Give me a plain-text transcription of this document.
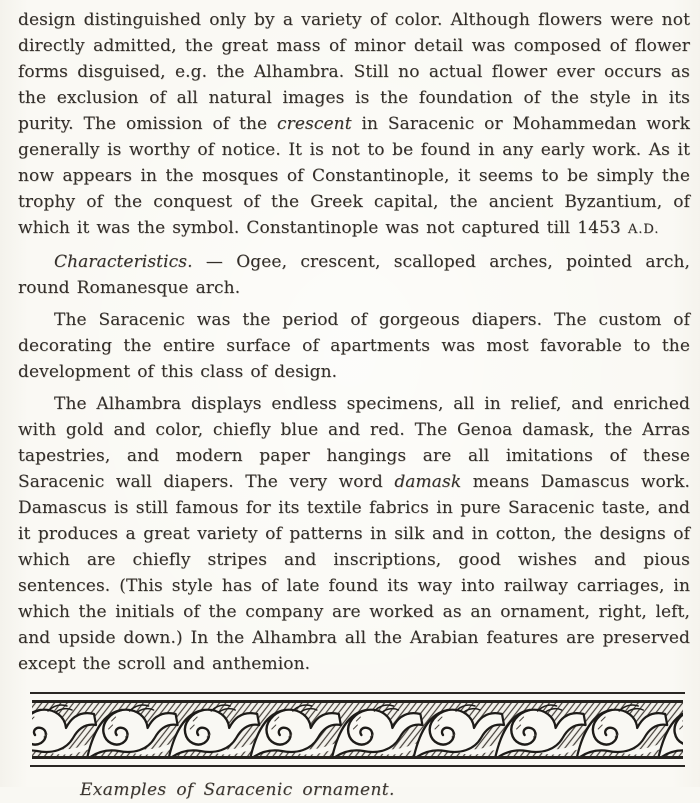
design distinguished only by a variety of color. Although flowers were not directly admitted, the great mass of minor detail was composed of flower forms disguised, e.g. the Alhambra. Still no actual flower ever occurs as the exclusion of all natural images is the foundation of the style in its purity. The omission of the crescent in Saracenic or Mohammedan work generally is worthy of notice. It is not to be found in any early work. As it now appears in the mosques of Constantinople, it seems to be simply the trophy of the conquest of the Greek capital, the ancient Byzantium, of which it was the symbol. Constantinople was not captured till 1453 A.D.

Characteristics. — Ogee, crescent, scalloped arches, pointed arch, round Romanesque arch.

The Saracenic was the period of gorgeous diapers. The custom of decorating the entire surface of apartments was most favorable to the development of this class of design.

The Alhambra displays endless specimens, all in relief, and enriched with gold and color, chiefly blue and red. The Genoa damask, the Arras tapestries, and modern paper hangings are all imitations of these Saracenic wall diapers. The very word damask means Damascus work. Damascus is still famous for its textile fabrics in pure Saracenic taste, and it produces a great variety of patterns in silk and in cotton, the designs of which are chiefly stripes and inscriptions, good wishes and pious sentences. (This style has of late found its way into railway carriages, in which the initials of the company are worked as an ornament, right, left, and upside down.) In the Alhambra all the Arabian features are preserved except the scroll and anthemion.

Examples of Saracenic ornament.
